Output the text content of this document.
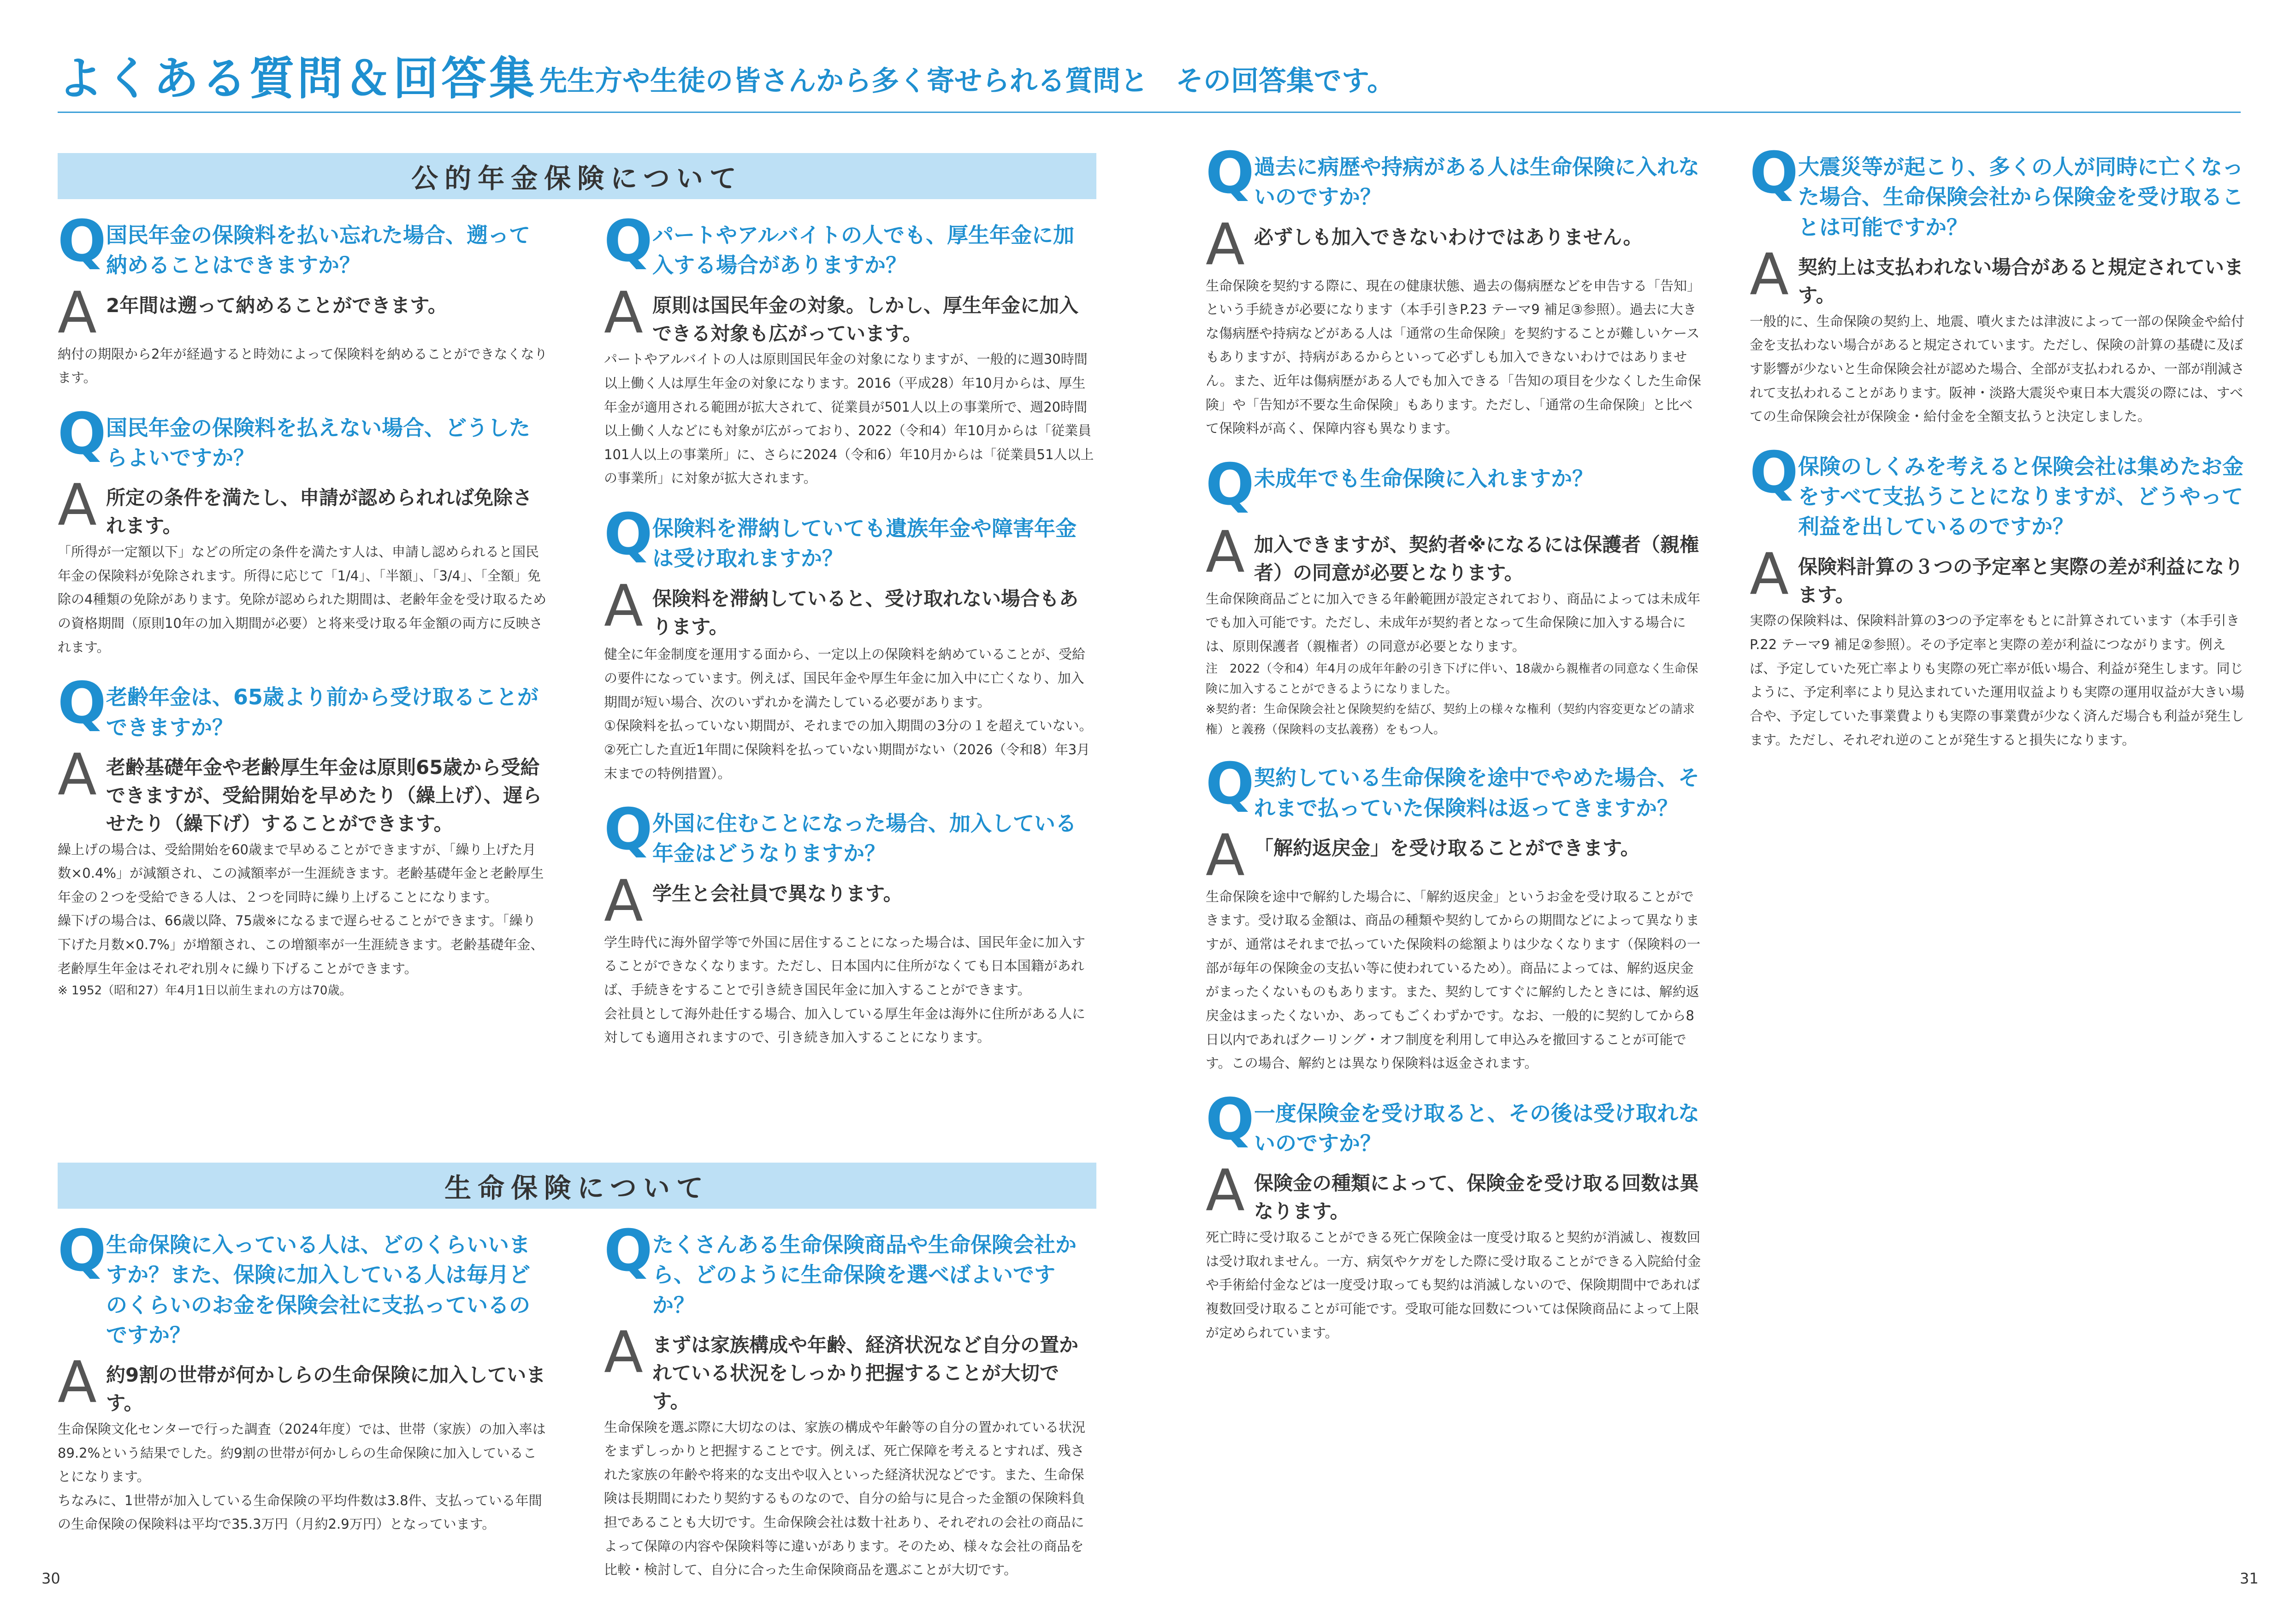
よくある質問＆回答集 先生方や生徒の皆さんから多く寄せられる質問と　その回答集です。
公的年金保険について
生命保険について
Q 国民年金の保険料を払い忘れた場合、遡って納めることはできますか？
A 2年間は遡って納めることができます。

納付の期限から2年が経過すると時効によって保険料を納めることができなくなります。

Q 国民年金の保険料を払えない場合、どうしたらよいですか？
A 所定の条件を満たし、申請が認められれば免除されます。

「所得が一定額以下」などの所定の条件を満たす人は、申請し認められると国民年金の保険料が免除されます。所得に応じて「1/4」、「半額」、「3/4」、「全額」免除の4種類の免除があります。免除が認められた期間は、老齢年金を受け取るための資格期間（原則10年の加入期間が必要）と将来受け取る年金額の両方に反映されます。

Q 老齢年金は、65歳より前から受け取ることができますか？
A 老齢基礎年金や老齢厚生年金は原則65歳から受給できますが、受給開始を早めたり（繰上げ）、遅らせたり（繰下げ）することができます。

繰上げの場合は、受給開始を60歳まで早めることができますが、「繰り上げた月数×0.4%」が減額され、この減額率が一生涯続きます。老齢基礎年金と老齢厚生年金の２つを受給できる人は、２つを同時に繰り上げることになります。

繰下げの場合は、66歳以降、75歳※になるまで遅らせることができます。「繰り下げた月数×0.7%」が増額され、この増額率が一生涯続きます。老齢基礎年金、老齢厚生年金はそれぞれ別々に繰り下げることができます。

※ 1952（昭和27）年4月1日以前生まれの方は70歳。
Q パートやアルバイトの人でも、厚生年金に加入する場合がありますか？
A 原則は国民年金の対象。しかし、厚生年金に加入できる対象も広がっています。

パートやアルバイトの人は原則国民年金の対象になりますが、一般的に週30時間以上働く人は厚生年金の対象になります。2016（平成28）年10月からは、厚生年金が適用される範囲が拡大されて、従業員が501人以上の事業所で、週20時間以上働く人などにも対象が広がっており、2022（令和4）年10月からは「従業員101人以上の事業所」に、さらに2024（令和6）年10月からは「従業員51人以上の事業所」に対象が拡大されます。

Q 保険料を滞納していても遺族年金や障害年金は受け取れますか？
A 保険料を滞納していると、受け取れない場合もあります。

健全に年金制度を運用する面から、一定以上の保険料を納めていることが、受給の要件になっています。例えば、国民年金や厚生年金に加入中に亡くなり、加入期間が短い場合、次のいずれかを満たしている必要があります。

①保険料を払っていない期間が、それまでの加入期間の3分の１を超えていない。

②死亡した直近1年間に保険料を払っていない期間がない（2026（令和8）年3月末までの特例措置）。

Q 外国に住むことになった場合、加入している年金はどうなりますか？
A 学生と会社員で異なります。

学生時代に海外留学等で外国に居住することになった場合は、国民年金に加入することができなくなります。ただし、日本国内に住所がなくても日本国籍があれば、手続きをすることで引き続き国民年金に加入することができます。

会社員として海外赴任する場合、加入している厚生年金は海外に住所がある人に対しても適用されますので、引き続き加入することになります。

Q 生命保険に入っている人は、どのくらいいますか？また、保険に加入している人は毎月どのくらいのお金を保険会社に支払っているのですか？
A 約9割の世帯が何かしらの生命保険に加入しています。

生命保険文化センターで行った調査（2024年度）では、世帯（家族）の加入率は89.2%という結果でした。約9割の世帯が何かしらの生命保険に加入していることになります。

ちなみに、1世帯が加入している生命保険の平均件数は3.8件、支払っている年間の生命保険の保険料は平均で35.3万円（月約2.9万円）となっています。

Q たくさんある生命保険商品や生命保険会社から、どのように生命保険を選べばよいですか？
A まずは家族構成や年齢、経済状況など自分の置かれている状況をしっかり把握することが大切です。

生命保険を選ぶ際に大切なのは、家族の構成や年齢等の自分の置かれている状況をまずしっかりと把握することです。例えば、死亡保障を考えるとすれば、残された家族の年齢や将来的な支出や収入といった経済状況などです。また、生命保険は長期間にわたり契約するものなので、自分の給与に見合った金額の保険料負担であることも大切です。生命保険会社は数十社あり、それぞれの会社の商品によって保障の内容や保険料等に違いがあります。そのため、様々な会社の商品を比較・検討して、自分に合った生命保険商品を選ぶことが大切です。

Q 過去に病歴や持病がある人は生命保険に入れないのですか？
A 必ずしも加入できないわけではありません。

生命保険を契約する際に、現在の健康状態、過去の傷病歴などを申告する「告知」という手続きが必要になります（本手引きP.23 テーマ9 補足③参照）。過去に大きな傷病歴や持病などがある人は「通常の生命保険」を契約することが難しいケースもありますが、持病があるからといって必ずしも加入できないわけではありません。また、近年は傷病歴がある人でも加入できる「告知の項目を少なくした生命保険」や「告知が不要な生命保険」もあります。ただし、「通常の生命保険」と比べて保険料が高く、保障内容も異なります。

Q 未成年でも生命保険に入れますか？
A 加入できますが、契約者※になるには保護者（親権者）の同意が必要となります。

生命保険商品ごとに加入できる年齢範囲が設定されており、商品によっては未成年でも加入可能です。ただし、未成年が契約者となって生命保険に加入する場合には、原則保護者（親権者）の同意が必要となります。

注　2022（令和4）年4月の成年年齢の引き下げに伴い、18歳から親権者の同意なく生命保険に加入することができるようになりました。
※契約者：生命保険会社と保険契約を結び、契約上の様々な権利（契約内容変更などの請求権）と義務（保険料の支払義務）をもつ人。
Q 契約している生命保険を途中でやめた場合、それまで払っていた保険料は返ってきますか？
A 「解約返戻金」を受け取ることができます。

生命保険を途中で解約した場合に、「解約返戻金」というお金を受け取ることができます。受け取る金額は、商品の種類や契約してからの期間などによって異なりますが、通常はそれまで払っていた保険料の総額よりは少なくなります（保険料の一部が毎年の保険金の支払い等に使われているため）。商品によっては、解約返戻金がまったくないものもあります。また、契約してすぐに解約したときには、解約返戻金はまったくないか、あってもごくわずかです。なお、一般的に契約してから8日以内であればクーリング・オフ制度を利用して申込みを撤回することが可能です。この場合、解約とは異なり保険料は返金されます。

Q 一度保険金を受け取ると、その後は受け取れないのですか？
A 保険金の種類によって、保険金を受け取る回数は異なります。

死亡時に受け取ることができる死亡保険金は一度受け取ると契約が消滅し、複数回は受け取れません。一方、病気やケガをした際に受け取ることができる入院給付金や手術給付金などは一度受け取っても契約は消滅しないので、保険期間中であれば複数回受け取ることが可能です。受取可能な回数については保険商品によって上限が定められています。

Q 大震災等が起こり、多くの人が同時に亡くなった場合、生命保険会社から保険金を受け取ることは可能ですか？
A 契約上は支払われない場合があると規定されています。

一般的に、生命保険の契約上、地震、噴火または津波によって一部の保険金や給付金を支払わない場合があると規定されています。ただし、保険の計算の基礎に及ぼす影響が少ないと生命保険会社が認めた場合、全部が支払われるか、一部が削減されて支払われることがあります。阪神・淡路大震災や東日本大震災の際には、すべての生命保険会社が保険金・給付金を全額支払うと決定しました。

Q 保険のしくみを考えると保険会社は集めたお金をすべて支払うことになりますが、どうやって利益を出しているのですか？
A 保険料計算の３つの予定率と実際の差が利益になります。

実際の保険料は、保険料計算の3つの予定率をもとに計算されています（本手引きP.22 テーマ9 補足②参照）。その予定率と実際の差が利益につながります。例えば、予定していた死亡率よりも実際の死亡率が低い場合、利益が発生します。同じように、予定利率により見込まれていた運用収益よりも実際の運用収益が大きい場合や、予定していた事業費よりも実際の事業費が少なく済んだ場合も利益が発生します。ただし、それぞれ逆のことが発生すると損失になります。

30	31
